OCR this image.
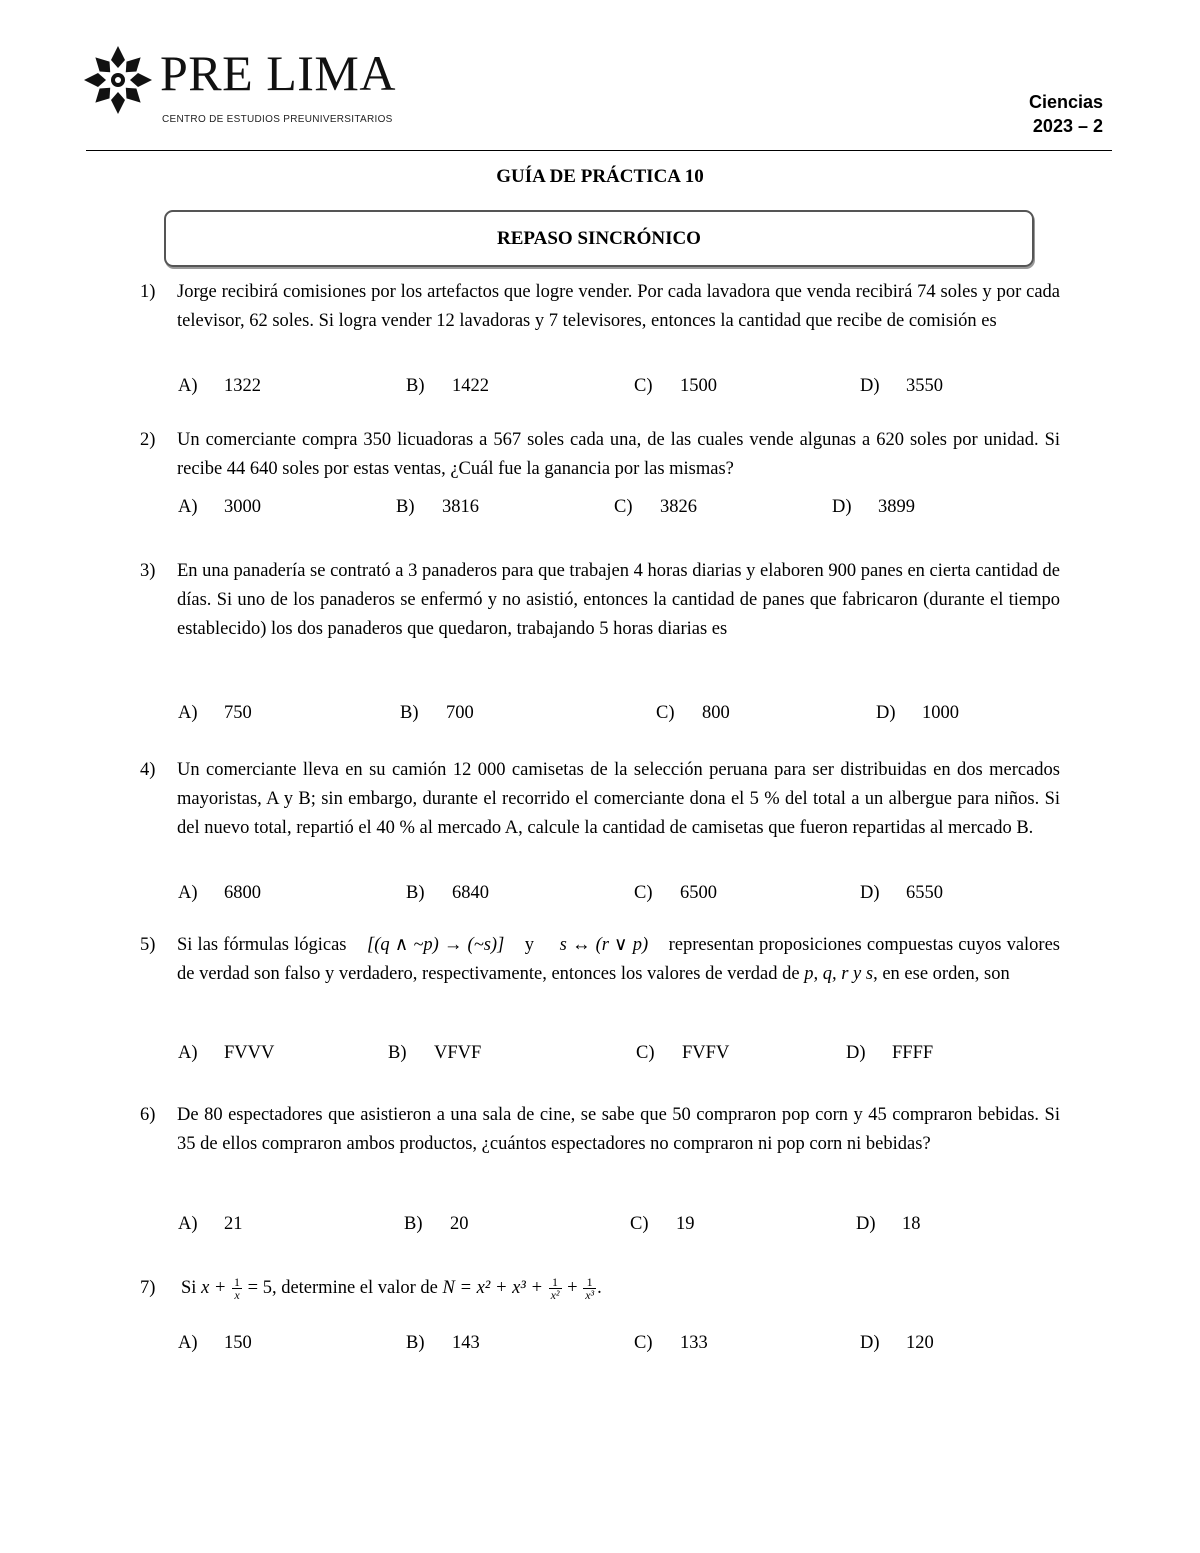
PRE LIMA
CENTRO DE ESTUDIOS PREUNIVERSITARIOS
Ciencias
2023 – 2
GUÍA DE PRÁCTICA 10
REPASO SINCRÓNICO
1)	Jorge recibirá comisiones por los artefactos que logre vender. Por cada lavadora que venda recibirá 74 soles y por cada televisor, 62 soles. Si logra vender 12 lavadoras y 7 televisores, entonces la cantidad que recibe de comisión es
A) 1322	B) 1422	C) 1500	D) 3550
2)	Un comerciante compra 350 licuadoras a 567 soles cada una, de las cuales vende algunas a 620 soles por unidad. Si recibe 44 640 soles por estas ventas, ¿Cuál fue la ganancia por las mismas?
A) 3000	B) 3816	C) 3826	D) 3899
3)	En una panadería se contrató a 3 panaderos para que trabajen 4 horas diarias y elaboren 900 panes en cierta cantidad de días. Si uno de los panaderos se enfermó y no asistió, entonces la cantidad de panes que fabricaron (durante el tiempo establecido) los dos panaderos que quedaron, trabajando 5 horas diarias es
A) 750	B) 700	C) 800	D) 1000
4)	Un comerciante lleva en su camión 12 000 camisetas de la selección peruana para ser distribuidas en dos mercados mayoristas, A y B; sin embargo, durante el recorrido el comerciante dona el 5 % del total a un albergue para niños. Si del nuevo total, repartió el 40 % al mercado A, calcule la cantidad de camisetas que fueron repartidas al mercado B.
A) 6800	B) 6840	C) 6500	D) 6550
5)	Si las fórmulas lógicas [(q ∧ ~p) → (~s)] y s ↔ (r ∨ p) representan proposiciones compuestas cuyos valores de verdad son falso y verdadero, respectivamente, entonces los valores de verdad de p, q, r y s, en ese orden, son
A) FVVV	B) VFVF	C) FVFV	D) FFFF
6)	De 80 espectadores que asistieron a una sala de cine, se sabe que 50 compraron pop corn y 45 compraron bebidas. Si 35 de ellos compraron ambos productos, ¿cuántos espectadores no compraron ni pop corn ni bebidas?
A) 21	B) 20	C) 19	D) 18
7)	Si $x + \frac{1}{x} = 5$, determine el valor de $N = x^2 + x^3 + \frac{1}{\text{x²}} + \frac{1}{\text{x³}}$ .
A) 150	B) 143	C) 133	D) 120
